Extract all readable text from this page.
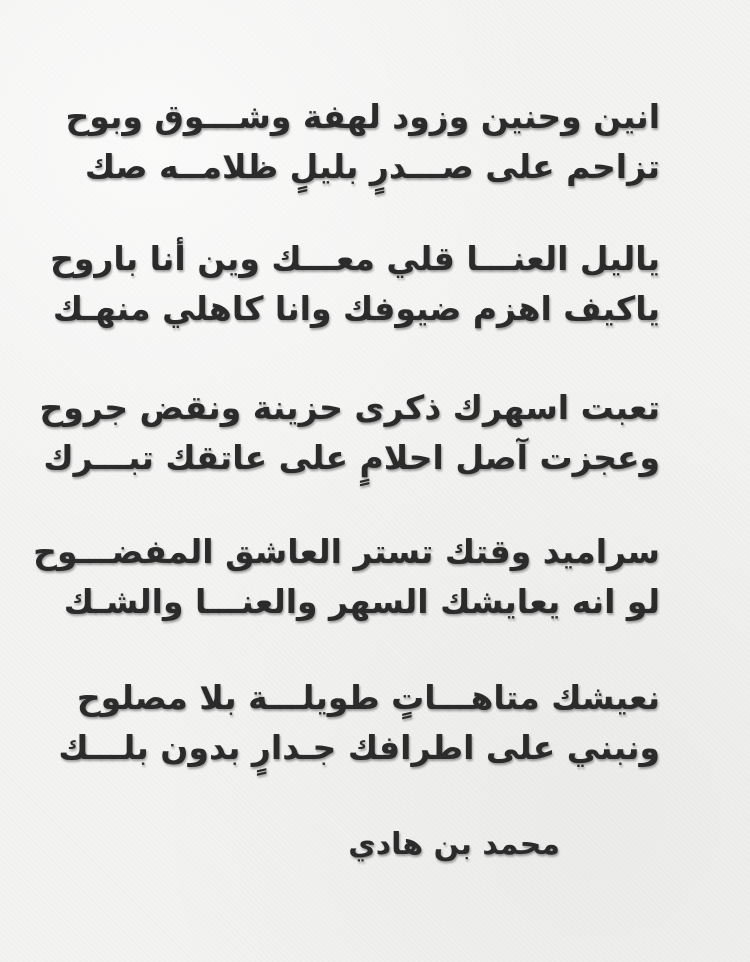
انين وحنين وزود لهفة وشـــوق وبوح
تزاحم على صـــدرٍ بليلٍ ظلامــه صك
ياليل العنـــا قلي معـــك وين أنا باروح
ياكيف اهزم ضيوفك وانا كاهلي منهـك
تعبت اسهرك ذكرى حزينة ونقض جروح
وعجزت آصل احلامٍ على عاتقك تبـــرك
سراميد وقتك تستر العاشق المفضـــوح
لو انه يعايشك السهر والعنـــا والشـك
نعيشك متاهـــاتٍ طويلـــة بلا مصلوح
ونبني على اطرافك جـدارٍ بدون بلـــك
محمد بن هادي
